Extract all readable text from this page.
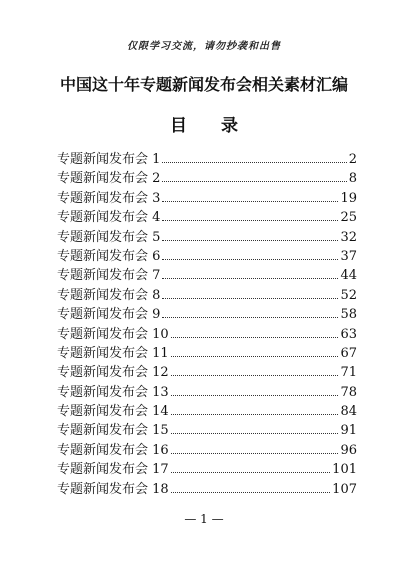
仅限学习交流，请勿抄袭和出售
中国这十年专题新闻发布会相关素材汇编
目 录
专题新闻发布会 1	2
专题新闻发布会 2	8
专题新闻发布会 3	19
专题新闻发布会 4	25
专题新闻发布会 5	32
专题新闻发布会 6	37
专题新闻发布会 7	44
专题新闻发布会 8	52
专题新闻发布会 9	58
专题新闻发布会 10	63
专题新闻发布会 11	67
专题新闻发布会 12	71
专题新闻发布会 13	78
专题新闻发布会 14	84
专题新闻发布会 15	91
专题新闻发布会 16	96
专题新闻发布会 17	101
专题新闻发布会 18	107
— 1 —
